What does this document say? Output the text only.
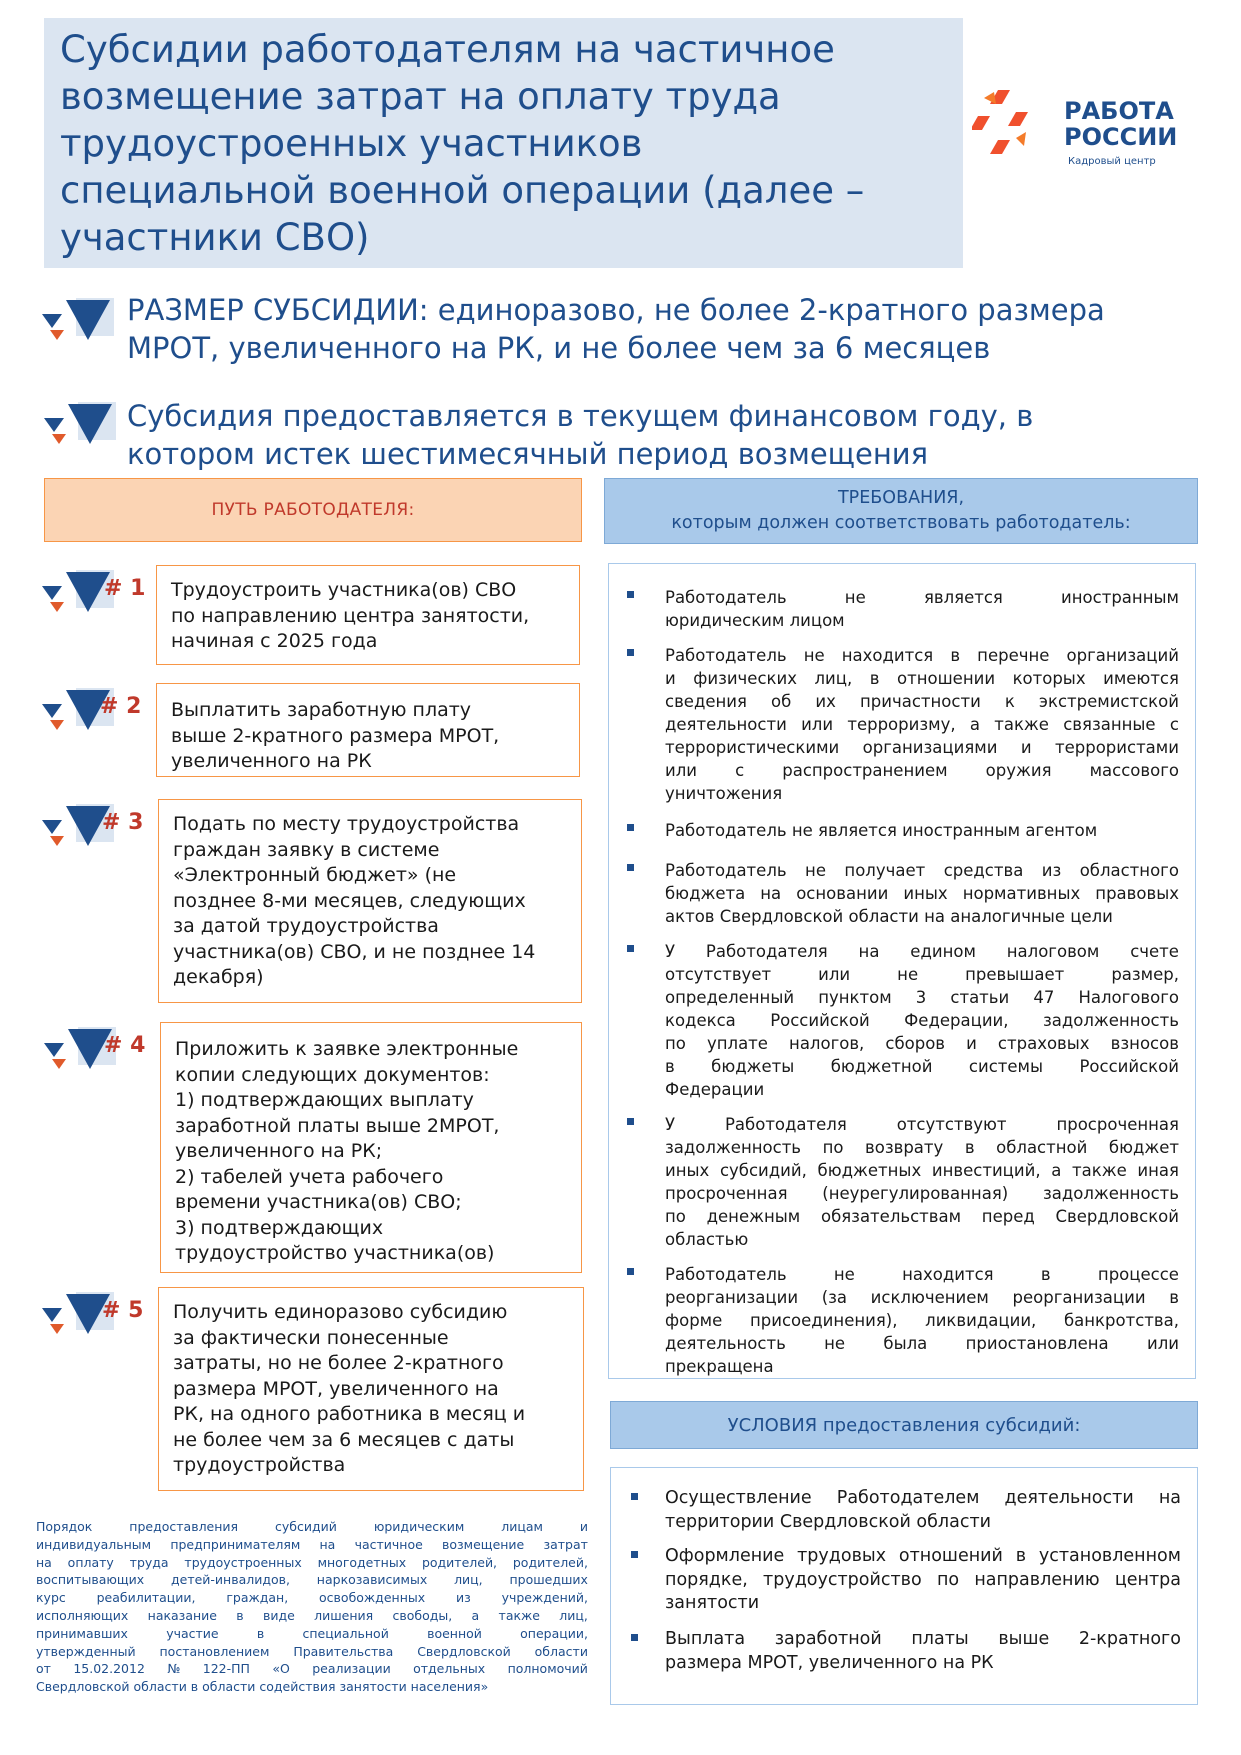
Субсидии работодателям на частичное
возмещение затрат на оплату труда
трудоустроенных участников
специальной военной операции (далее –
участники СВО)
РАБОТА
РОССИИ
Кадровый центр
РАЗМЕР СУБСИДИИ: единоразово, не более 2-кратного размера
МРОТ, увеличенного на РК, и не более чем за 6 месяцев
Субсидия предоставляется в текущем финансовом году, в
котором истек шестимесячный период возмещения
ПУТЬ РАБОТОДАТЕЛЯ:
ТРЕБОВАНИЯ,
которым должен соответствовать работодатель:
# 1 Трудоустроить участника(ов) СВО
по направлению центра занятости,
начиная с 2025 года
# 2 Выплатить заработную плату
выше 2-кратного размера МРОТ,
увеличенного на РК
# 3 Подать по месту трудоустройства
граждан заявку в системе
«Электронный бюджет» (не
позднее 8-ми месяцев, следующих
за датой трудоустройства
участника(ов) СВО, и не позднее 14
декабря)
# 4 Приложить к заявке электронные
копии следующих документов:
1) подтверждающих выплату
заработной платы выше 2МРОТ,
увеличенного на РК;
2) табелей учета рабочего
времени участника(ов) СВО;
3) подтверждающих
трудоустройство участника(ов)
# 5 Получить единоразово субсидию
за фактически понесенные
затраты, но не более 2-кратного
размера МРОТ, увеличенного на
РК, на одного работника в месяц и
не более чем за 6 месяцев с даты
трудоустройства
Работодатель	не	является	иностранным
юридическим лицом
Работодатель не находится в перечне организаций
и физических лиц, в отношении которых имеются
сведения об их причастности к экстремистской
деятельности или терроризму, а также связанные с
террористическими организациями и террористами
или с распространением оружия массового
уничтожения
Работодатель не является иностранным агентом
Работодатель не получает средства из областного
бюджета на основании иных нормативных правовых
актов Свердловской области на аналогичные цели
У Работодателя на едином налоговом счете
отсутствует	или	не	превышает	размер,
определенный пунктом 3 статьи 47 Налогового
кодекса Российской Федерации, задолженность
по уплате налогов, сборов и страховых взносов
в бюджеты бюджетной системы Российской
Федерации
У	Работодателя	отсутствуют	просроченная
задолженность по возврату в областной бюджет
иных субсидий, бюджетных инвестиций, а также иная
просроченная (неурегулированная) задолженность
по денежным обязательствам перед Свердловской
областью
Работодатель	не	находится	в	процессе
реорганизации (за исключением реорганизации в
форме присоединения), ликвидации, банкротства,
деятельность не была приостановлена или
прекращена
УСЛОВИЯ предоставления субсидий:
Осуществление Работодателем деятельности на
территории Свердловской области
Оформление трудовых отношений в установленном
порядке, трудоустройство по направлению центра
занятости
Выплата заработной платы выше 2-кратного
размера МРОТ, увеличенного на РК
Порядок	предоставления	субсидий	юридическим	лицам	и
индивидуальным предпринимателям на частичное возмещение затрат
на оплату труда трудоустроенных многодетных родителей, родителей,
воспитывающих детей-инвалидов, наркозависимых лиц, прошедших
курс реабилитации, граждан, освобожденных из учреждений,
исполняющих наказание в виде лишения свободы, а также лиц,
принимавших	участие	в	специальной	военной	операции,
утвержденный постановлением Правительства Свердловской области
от 15.02.2012 № 122-ПП «О реализации отдельных полномочий
Свердловской области в области содействия занятости населения»
